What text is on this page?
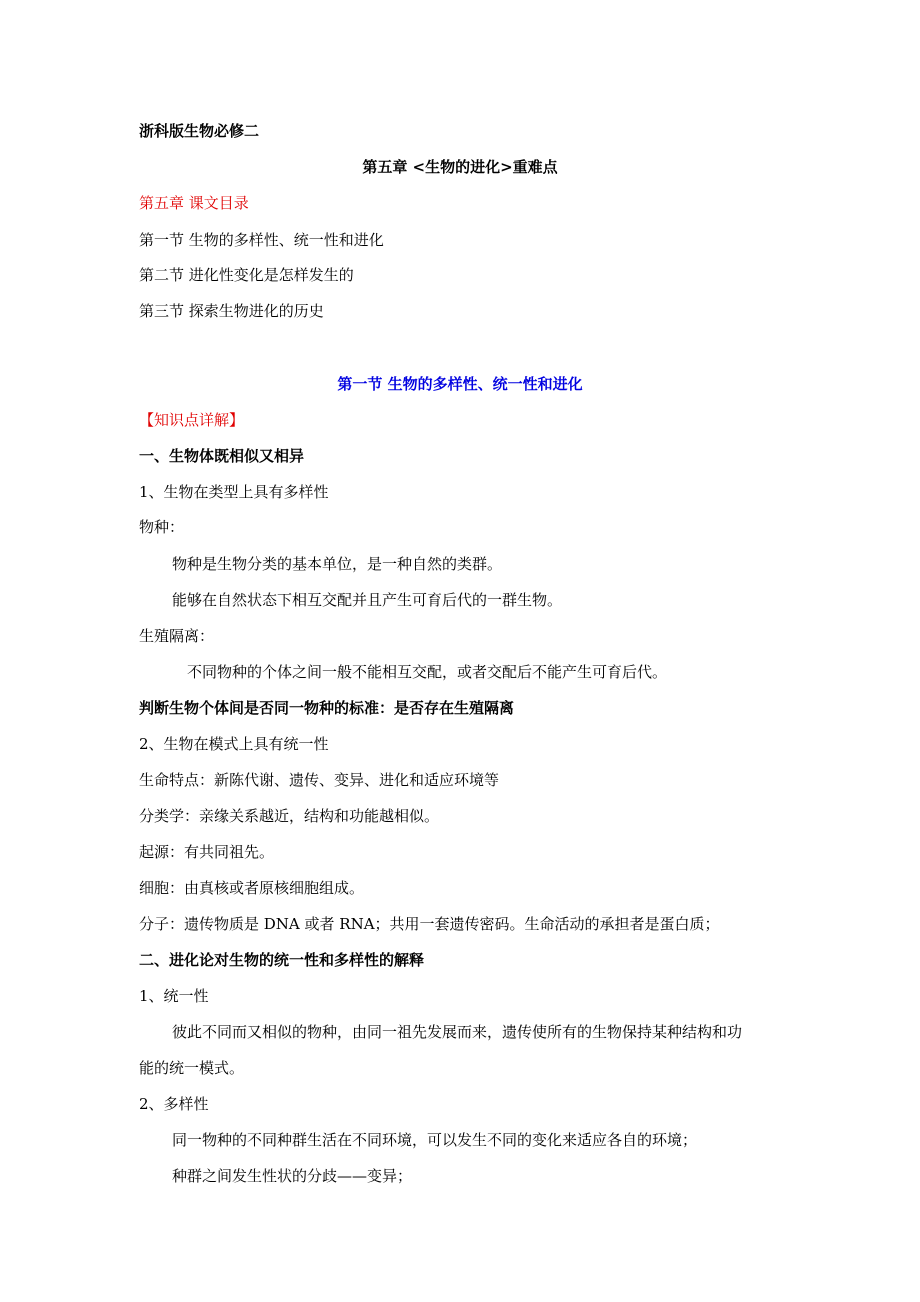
浙科版生物必修二
第五章 <生物的进化>重难点
第五章 课文目录
第一节 生物的多样性、统一性和进化
第二节 进化性变化是怎样发生的
第三节 探索生物进化的历史
第一节 生物的多样性、统一性和进化
【知识点详解】
一、生物体既相似又相异
1、生物在类型上具有多样性
物种：
物种是生物分类的基本单位，是一种自然的类群。
能够在自然状态下相互交配并且产生可育后代的一群生物。
生殖隔离：
不同物种的个体之间一般不能相互交配，或者交配后不能产生可育后代。
判断生物个体间是否同一物种的标准：是否存在生殖隔离
2、生物在模式上具有统一性
生命特点：新陈代谢、遗传、变异、进化和适应环境等
分类学：亲缘关系越近，结构和功能越相似。
起源：有共同祖先。
细胞：由真核或者原核细胞组成。
分子：遗传物质是 DNA 或者 RNA；共用一套遗传密码。生命活动的承担者是蛋白质；
二、进化论对生物的统一性和多样性的解释
1、统一性
彼此不同而又相似的物种，由同一祖先发展而来，遗传使所有的生物保持某种结构和功
能的统一模式。
2、多样性
同一物种的不同种群生活在不同环境，可以发生不同的变化来适应各自的环境；
种群之间发生性状的分歧——变异；
